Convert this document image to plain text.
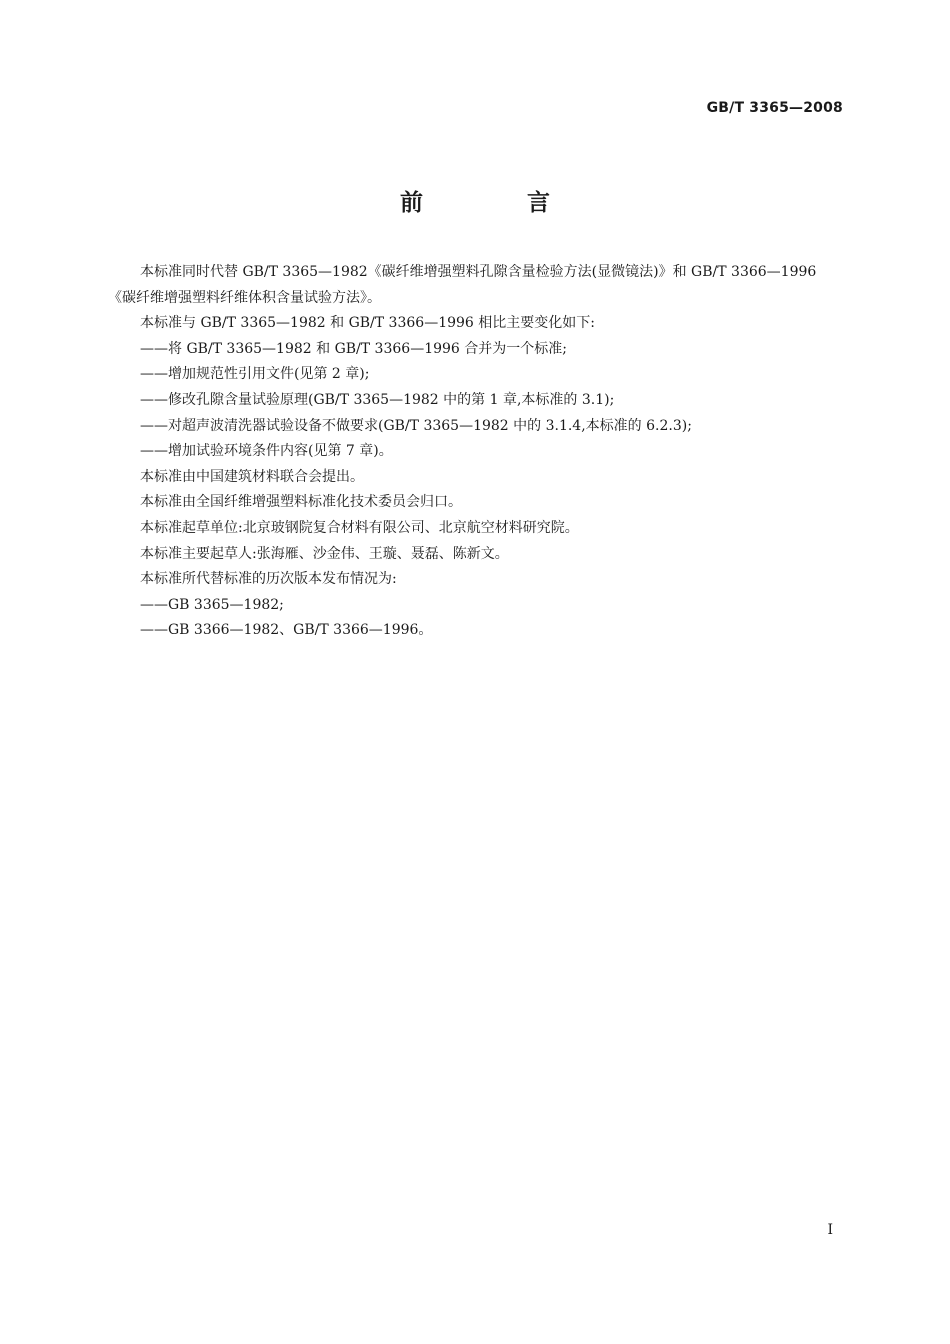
GB/T 3365—2008
前 言

本标准同时代替 GB/T 3365—1982《碳纤维增强塑料孔隙含量检验方法(显微镜法)》和 GB/T 3366—1996《碳纤维增强塑料纤维体积含量试验方法》。

本标准与 GB/T 3365—1982 和 GB/T 3366—1996 相比主要变化如下:

——将 GB/T 3365—1982 和 GB/T 3366—1996 合并为一个标准;

——增加规范性引用文件(见第 2 章);

——修改孔隙含量试验原理(GB/T 3365—1982 中的第 1 章,本标准的 3.1);

——对超声波清洗器试验设备不做要求(GB/T 3365—1982 中的 3.1.4,本标准的 6.2.3);

——增加试验环境条件内容(见第 7 章)。

本标准由中国建筑材料联合会提出。

本标准由全国纤维增强塑料标准化技术委员会归口。

本标准起草单位:北京玻钢院复合材料有限公司、北京航空材料研究院。

本标准主要起草人:张海雁、沙金伟、王璇、聂磊、陈新文。

本标准所代替标准的历次版本发布情况为:

——GB 3365—1982;

——GB 3366—1982、GB/T 3366—1996。

I
